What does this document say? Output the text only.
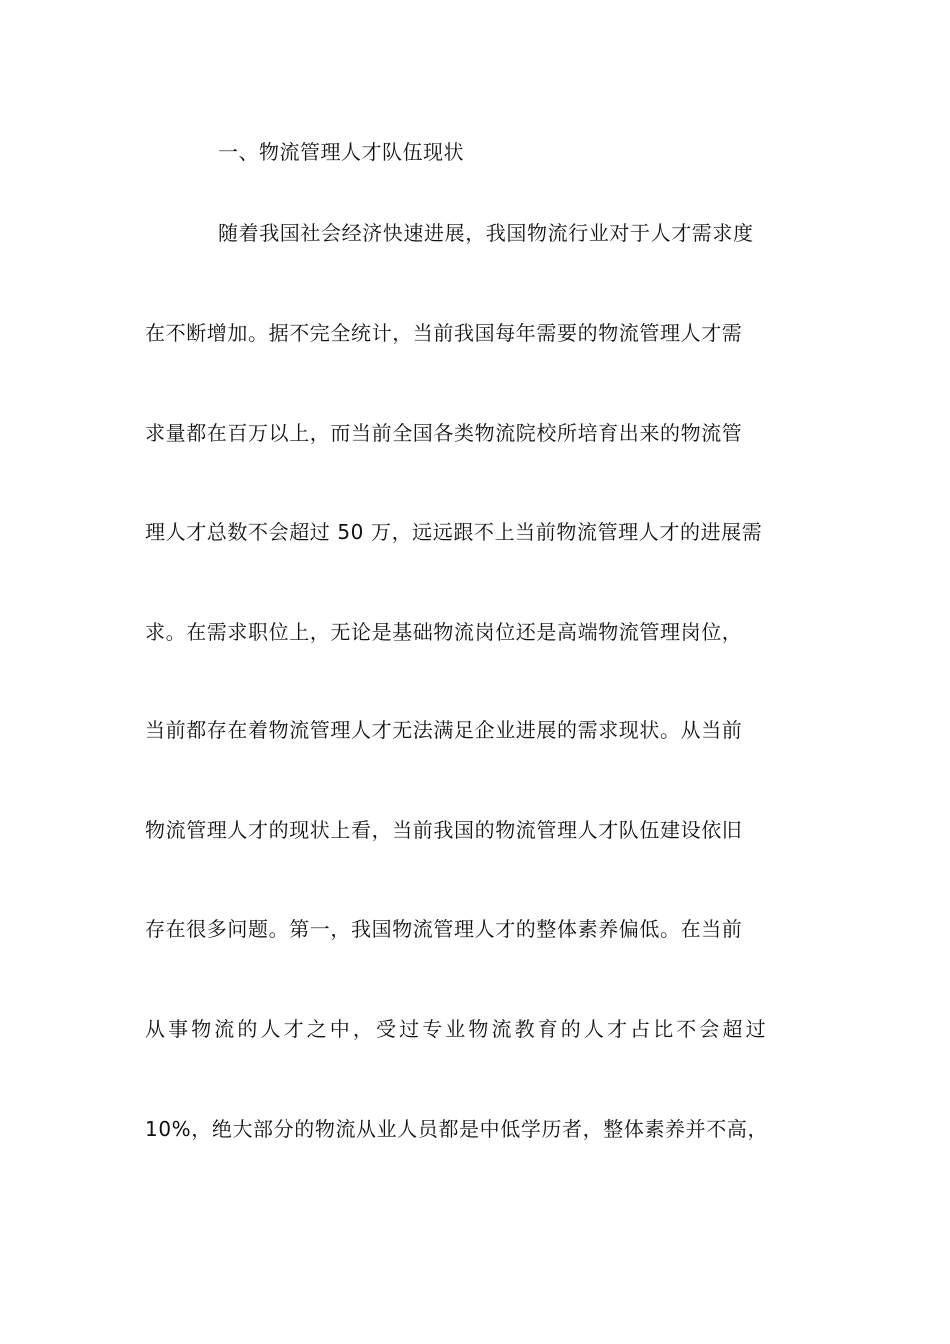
一、物流管理人才队伍现状
随着我国社会经济快速进展，我国物流行业对于人才需求度
在不断增加。据不完全统计，当前我国每年需要的物流管理人才需
求量都在百万以上，而当前全国各类物流院校所培育出来的物流管
理人才总数不会超过 50 万，远远跟不上当前物流管理人才的进展需
求。在需求职位上，无论是基础物流岗位还是高端物流管理岗位，
当前都存在着物流管理人才无法满足企业进展的需求现状。从当前
物流管理人才的现状上看，当前我国的物流管理人才队伍建设依旧
存在很多问题。第一，我国物流管理人才的整体素养偏低。在当前
从事物流的人才之中，受过专业物流教育的人才占比不会超过
10%，绝大部分的物流从业人员都是中低学历者，整体素养并不高，
